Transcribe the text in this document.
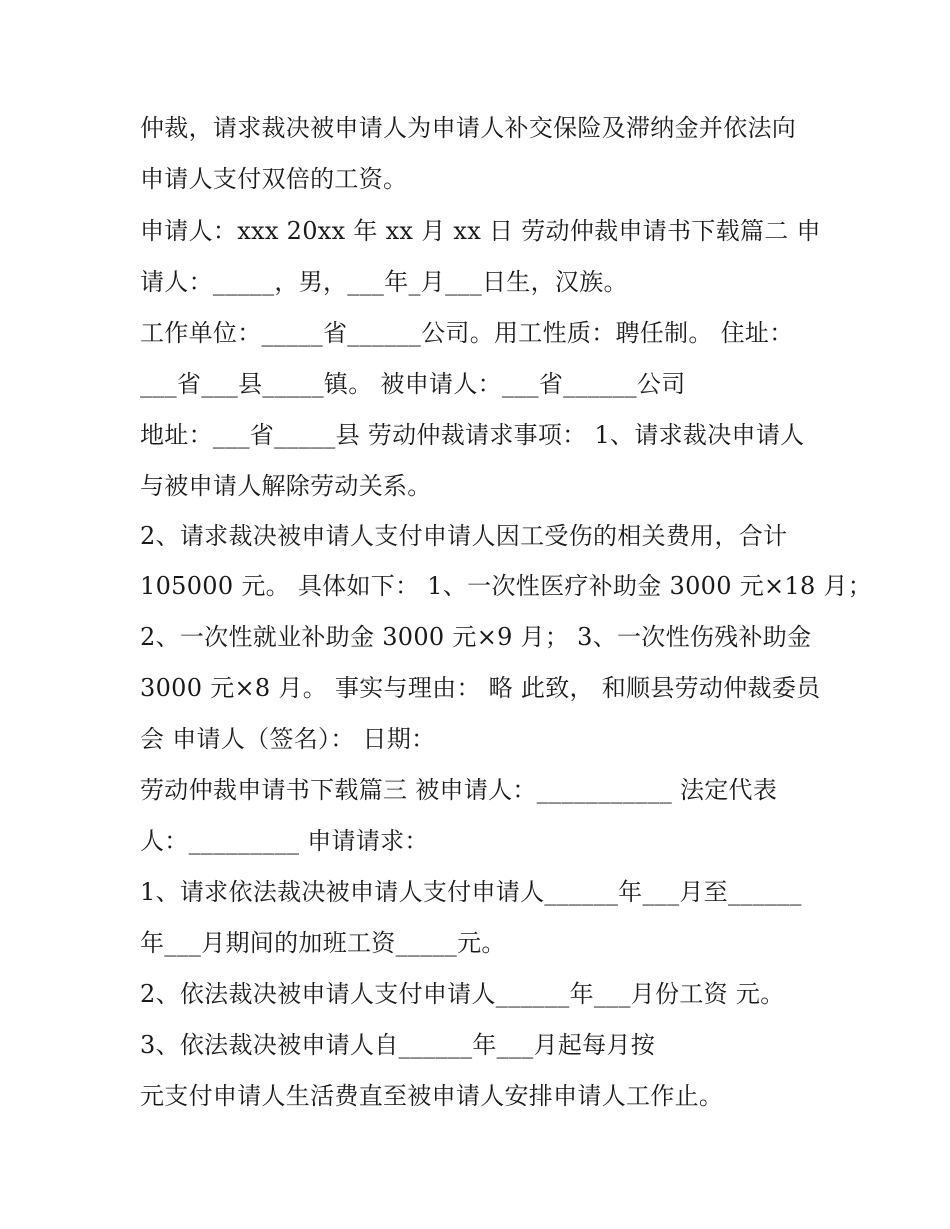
仲裁，请求裁决被申请人为申请人补交保险及滞纳金并依法向

申请人支付双倍的工资。

申请人：xxx 20xx 年 xx 月 xx 日 劳动仲裁申请书下载篇二 申

请人：_____，男，___年_月___日生，汉族。

工作单位：_____省______公司。用工性质：聘任制。 住址：

___省___县_____镇。 被申请人：___省______公司

地址：___省_____县 劳动仲裁请求事项： 1、请求裁决申请人

与被申请人解除劳动关系。

2、请求裁决被申请人支付申请人因工受伤的相关费用，合计

105000 元。 具体如下： 1、一次性医疗补助金 3000 元×18 月；

2、一次性就业补助金 3000 元×9 月； 3、一次性伤残补助金

3000 元×8 月。 事实与理由： 略 此致， 和顺县劳动仲裁委员

会 申请人（签名）： 日期：

劳动仲裁申请书下载篇三 被申请人：___________ 法定代表

人：_________ 申请请求：

1、请求依法裁决被申请人支付申请人______年___月至______

年___月期间的加班工资_____元。

2、依法裁决被申请人支付申请人______年___月份工资 元。

3、依法裁决被申请人自______年___月起每月按

元支付申请人生活费直至被申请人安排申请人工作止。
